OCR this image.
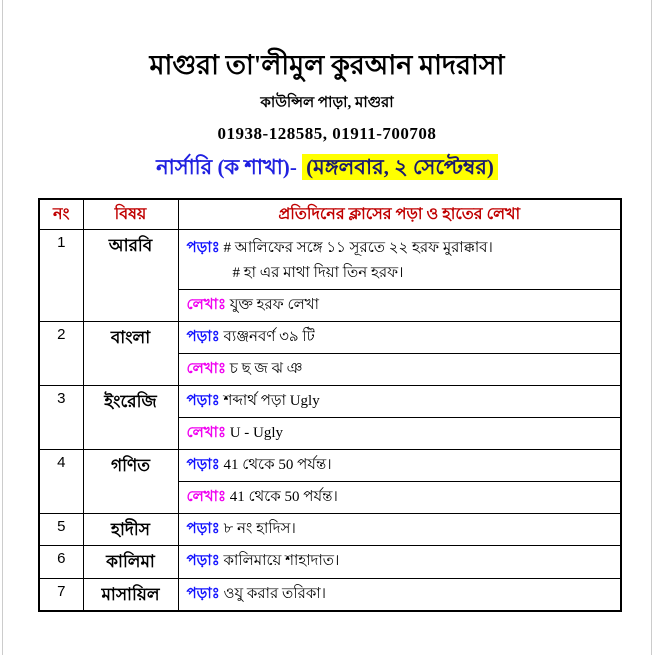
মাগুরা তা'লীমুল কুরআন মাদরাসা
কাউন্সিল পাড়া, মাগুরা
01938-128585, 01911-700708
নার্সারি (ক শাখা)- (মঙ্গলবার, ২ সেপ্টেম্বর)
নং	বিষয়	প্রতিদিনের ক্লাসের পড়া ও হাতের লেখা
1	আরবি	পড়াঃ # আলিফের সঙ্গে ১১ সূরতে ২২ হরফ মুরাক্কাব।
# হা এর মাথা দিয়া তিন হরফ।

		লেখাঃ যুক্ত হরফ লেখা
2	বাংলা	পড়াঃ ব্যঞ্জনবর্ণ ৩৯ টি
		লেখাঃ চ ছ জ ঝ ঞ
3	ইংরেজি	পড়াঃ শব্দার্থ পড়া Ugly
		লেখাঃ U - Ugly
4	গণিত	পড়াঃ 41 থেকে 50 পর্যন্ত।
		লেখাঃ 41 থেকে 50 পর্যন্ত।
5	হাদীস	পড়াঃ ৮ নং হাদিস।
6	কালিমা	পড়াঃ কালিমায়ে শাহাদাত।
7	মাসায়িল	পড়াঃ ওযু করার তরিকা।
